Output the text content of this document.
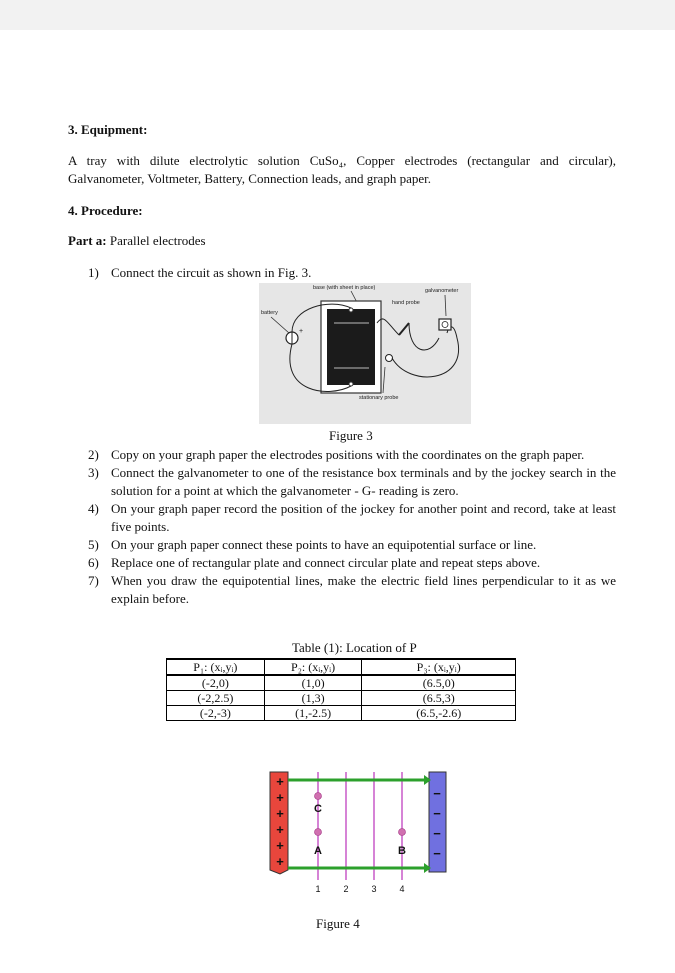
3. Equipment:
A tray with dilute electrolytic solution CuSo₄, Copper electrodes (rectangular and circular), Galvanometer, Voltmeter, Battery, Connection leads, and graph paper.
4. Procedure:
Part a: Parallel electrodes
1) Connect the circuit as shown in Fig. 3.
base (with sheet in place)	galvanometer
hand probe
battery
stationary probe
+
Figure 3
2) Copy on your graph paper the electrodes positions with the coordinates on the graph paper.
3) Connect the galvanometer to one of the resistance box terminals and by the jockey search in the solution for a point at which the galvanometer - G- reading is zero.
4) On your graph paper record the position of the jockey for another point and record, take at least five points.
5) On your graph paper connect these points to have an equipotential surface or line.
6) Replace one of rectangular plate and connect circular plate and repeat steps above.
7) When you draw the equipotential lines, make the electric field lines perpendicular to it as we explain before.
Table (1): Location of P
P₁: (xᵢ,yᵢ)	P₂: (xᵢ,yᵢ)	P₃: (xᵢ,yᵢ)
(-2,0)	(1,0)	(6.5,0)
(-2,2.5)	(1,3)	(6.5,3)
(-2,-3)	(1,-2.5)	(6.5,-2.6)
+
+
+
+
+
+
−
−
−
−
C
A	B
1	2	3	4
Figure 4
